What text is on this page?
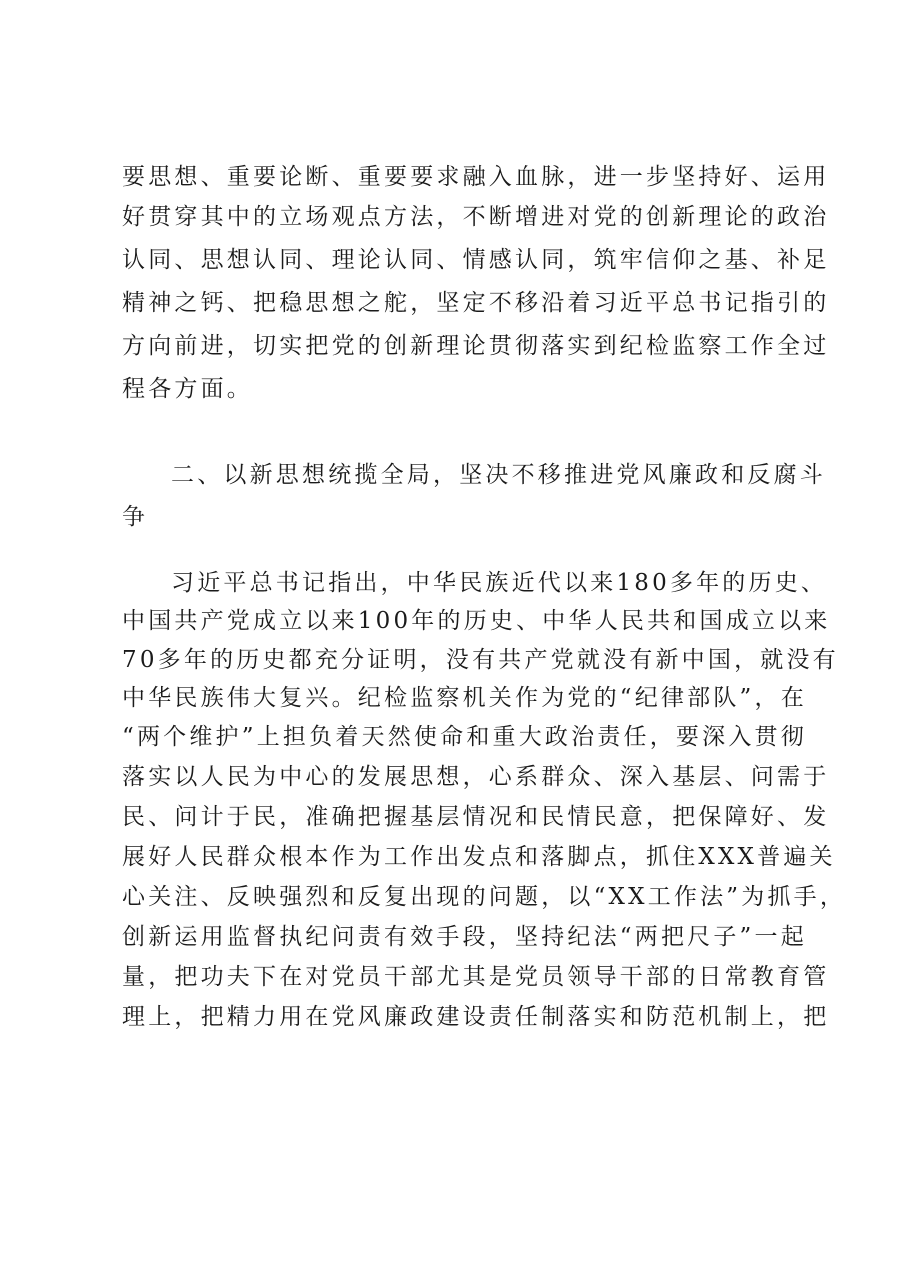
要思想、重要论断、重要要求融入血脉，进一步坚持好、运用
好贯穿其中的立场观点方法，不断增进对党的创新理论的政治
认同、思想认同、理论认同、情感认同，筑牢信仰之基、补足
精神之钙、把稳思想之舵，坚定不移沿着习近平总书记指引的
方向前进，切实把党的创新理论贯彻落实到纪检监察工作全过
程各方面。
二、以新思想统揽全局，坚决不移推进党风廉政和反腐斗
争
习近平总书记指出，中华民族近代以来180多年的历史、
中国共产党成立以来100年的历史、中华人民共和国成立以来
70多年的历史都充分证明，没有共产党就没有新中国，就没有
中华民族伟大复兴。纪检监察机关作为党的“纪律部队”，在
“两个维护”上担负着天然使命和重大政治责任，要深入贯彻
落实以人民为中心的发展思想，心系群众、深入基层、问需于
民、问计于民，准确把握基层情况和民情民意，把保障好、发
展好人民群众根本作为工作出发点和落脚点，抓住XXX普遍关
心关注、反映强烈和反复出现的问题，以“XX工作法”为抓手，
创新运用监督执纪问责有效手段，坚持纪法“两把尺子”一起
量，把功夫下在对党员干部尤其是党员领导干部的日常教育管
理上，把精力用在党风廉政建设责任制落实和防范机制上，把
